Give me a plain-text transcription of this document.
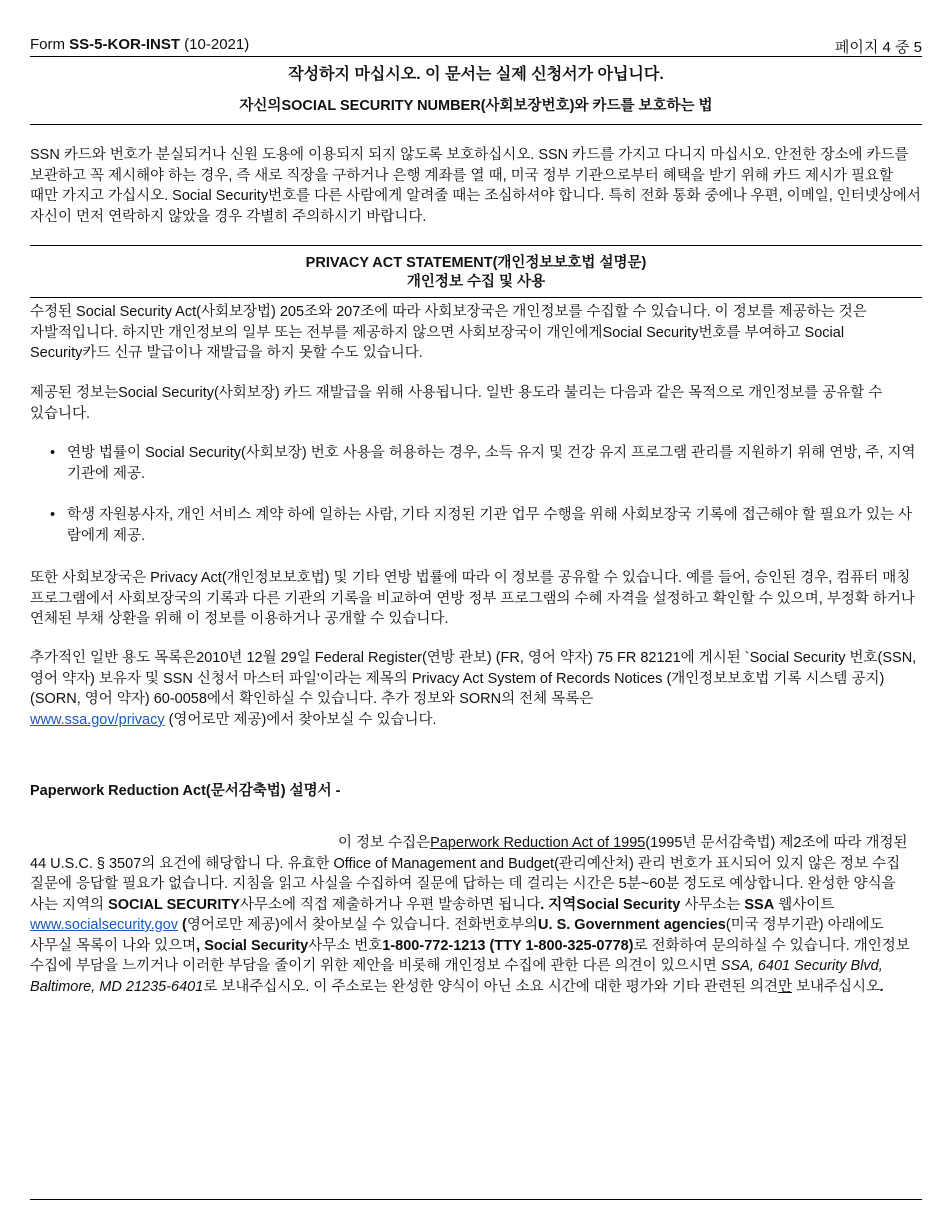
Form SS-5-KOR-INST (10-2021)	페이지 4 중 5
작성하지 마십시오. 이 문서는 실제 신청서가 아닙니다.
자신의SOCIAL SECURITY NUMBER(사회보장번호)와 카드를 보호하는 법
SSN 카드와 번호가 분실되거나 신원 도용에 이용되지 되지 않도록 보호하십시오. SSN 카드를 가지고 다니지 마십시오. 안전한 장소에 카드를 보관하고 꼭 제시해야 하는 경우, 즉 새로 직장을 구하거나 은행 계좌를 열 때, 미국 정부 기관으로부터 혜택을 받기 위해 카드 제시가 필요할 때만 가지고 가십시오. Social Security번호를 다른 사람에게 알려줄 때는 조심하셔야 합니다. 특히 전화 통화 중에나 우편, 이메일, 인터넷상에서 자신이 먼저 연락하지 않았을 경우 각별히 주의하시기 바랍니다.
PRIVACY ACT STATEMENT(개인정보보호법 설명문)
개인정보 수집 및 사용
수정된 Social Security Act(사회보장법) 205조와 207조에 따라 사회보장국은 개인정보를 수집할 수 있습니다. 이 정보를 제공하는 것은 자발적입니다. 하지만 개인정보의 일부 또는 전부를 제공하지 않으면 사회보장국이 개인에게Social Security번호를 부여하고 Social Security카드 신규 발급이나 재발급을 하지 못할 수도 있습니다.
제공된 정보는Social Security(사회보장) 카드 재발급을 위해 사용됩니다. 일반 용도라 불리는 다음과 같은 목적으로 개인정보를 공유할 수 있습니다.
• 연방 법률이 Social Security(사회보장) 번호 사용을 허용하는 경우, 소득 유지 및 건강 유지 프로그램 관리를 지원하기 위해 연방, 주, 지역 기관에 제공.
• 학생 자원봉사자, 개인 서비스 계약 하에 일하는 사람, 기타 지정된 기관 업무 수행을 위해 사회보장국 기록에 접근해야 할 필요가 있는 사람에게 제공.
또한 사회보장국은 Privacy Act(개인정보보호법) 및 기타 연방 법률에 따라 이 정보를 공유할 수 있습니다. 예를 들어, 승인된 경우, 컴퓨터 매칭 프로그램에서 사회보장국의 기록과 다른 기관의 기록을 비교하여 연방 정부 프로그램의 수혜 자격을 설정하고 확인할 수 있으며, 부정확 하거나 연체된 부채 상환을 위해 이 정보를 이용하거나 공개할 수 있습니다.
추가적인 일반 용도 목록은2010년 12월 29일 Federal Register(연방 관보) (FR, 영어 약자) 75 FR 82121에 게시된 `Social Security 번호(SSN, 영어 약자) 보유자 및 SSN 신청서 마스터 파일'이라는 제목의 Privacy Act System of Records Notices (개인정보보호법 기록 시스템 공지) (SORN, 영어 약자) 60-0058에서 확인하실 수 있습니다. 추가 정보와 SORN의 전체 목록은
www.ssa.gov/privacy (영어로만 제공)에서 찾아보실 수 있습니다.
Paperwork Reduction Act(문서감축법) 설명서 -
이 정보 수집은Paperwork Reduction Act of 1995(1995년 문서감축법) 제2조에 따라 개정된 44 U.S.C. § 3507의 요건에 해당합니 다. 유효한 Office of Management and Budget(관리예산처) 관리 번호가 표시되어 있지 않은 정보 수집 질문에 응답할 필요가 없습니다. 지침을 읽고 사실을 수집하여 질문에 답하는 데 걸리는 시간은 5분~60분 정도로 예상합니다. 완성한 양식을 사는 지역의 SOCIAL SECURITY사무소에 직접 제출하거나 우편 발송하면 됩니다. 지역Social Security 사무소는 SSA 웹사이트 www.socialsecurity.gov (영어로만 제공)에서 찾아보실 수 있습니다. 전화번호부의U. S. Government agencies(미국 정부기관) 아래에도 사무실 목록이 나와 있으며, Social Security사무소 번호1-800-772-1213 (TTY 1-800-325-0778)로 전화하여 문의하실 수 있습니다. 개인정보 수집에 부담을 느끼거나 이러한 부담을 줄이기 위한 제안을 비롯해 개인정보 수집에 관한 다른 의견이 있으시면 SSA, 6401 Security Blvd, Baltimore, MD 21235-6401로 보내주십시오. 이 주소로는 완성한 양식이 아닌 소요 시간에 대한 평가와 기타 관련된 의견만 보내주십시오.
